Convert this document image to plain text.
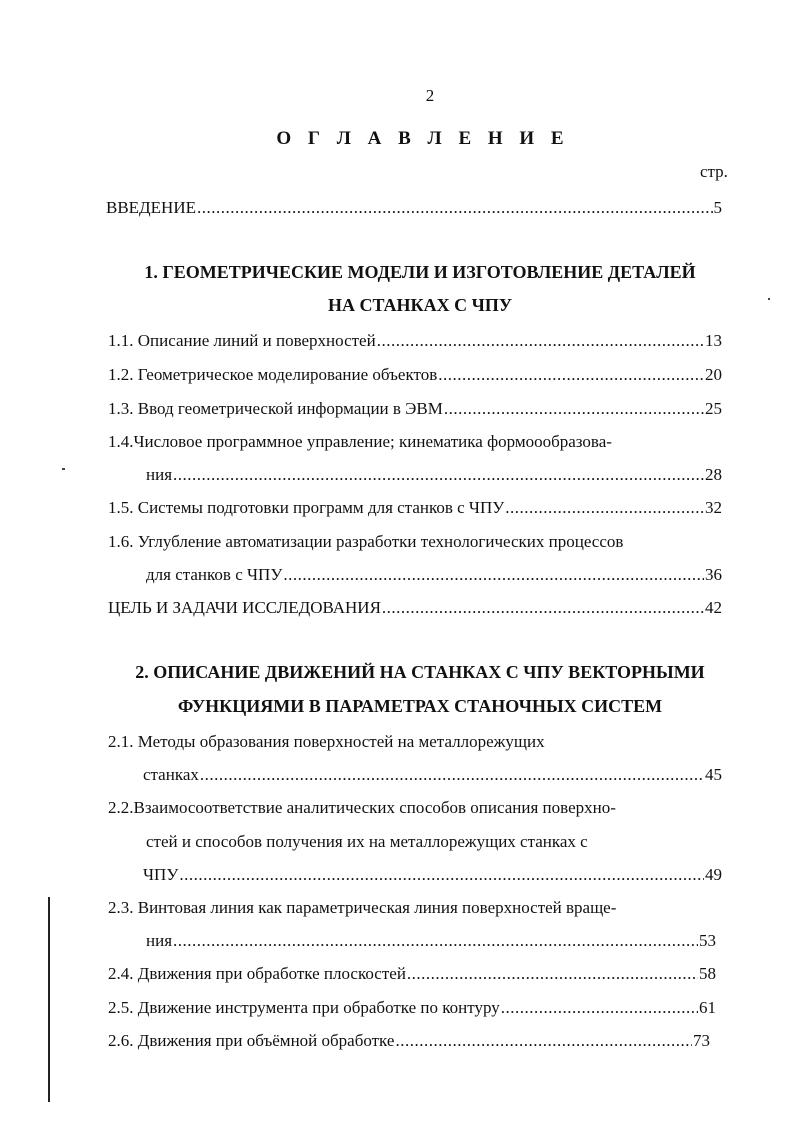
2
О Г Л А В Л Е Н И Е
стр.
ВВЕДЕНИЕ .....	5
1. ГЕОМЕТРИЧЕСКИЕ МОДЕЛИ И ИЗГОТОВЛЕНИЕ ДЕТАЛЕЙ
НА СТАНКАХ С ЧПУ
1.1. Описание линий и поверхностей .....	13
1.2. Геометрическое моделирование объектов .....	20
1.3. Ввод геометрической информации в ЭВМ .....	25
1.4.Числовое программное управление; кинематика формоообразова-
ния .....	28
1.5. Системы подготовки программ для станков с ЧПУ .....	32
1.6. Углубление автоматизации разработки технологических процессов
для станков с ЧПУ .....	36
ЦЕЛЬ И ЗАДАЧИ ИССЛЕДОВАНИЯ .....	42
2. ОПИСАНИЕ ДВИЖЕНИЙ НА СТАНКАХ С ЧПУ ВЕКТОРНЫМИ
ФУНКЦИЯМИ В ПАРАМЕТРАХ СТАНОЧНЫХ СИСТЕМ
2.1. Методы образования поверхностей на металлорежущих
станках .....	45
2.2.Взаимосоответствие аналитических способов описания поверхно-
стей и способов получения их на металлорежущих станках с
ЧПУ .....	49
2.3. Винтовая линия как параметрическая линия поверхностей враще-
ния .....	53
2.4. Движения при обработке плоскостей .....	58
2.5. Движение инструмента при обработке по контуру .....	61
2.6. Движения при объёмной обработке .....	73
